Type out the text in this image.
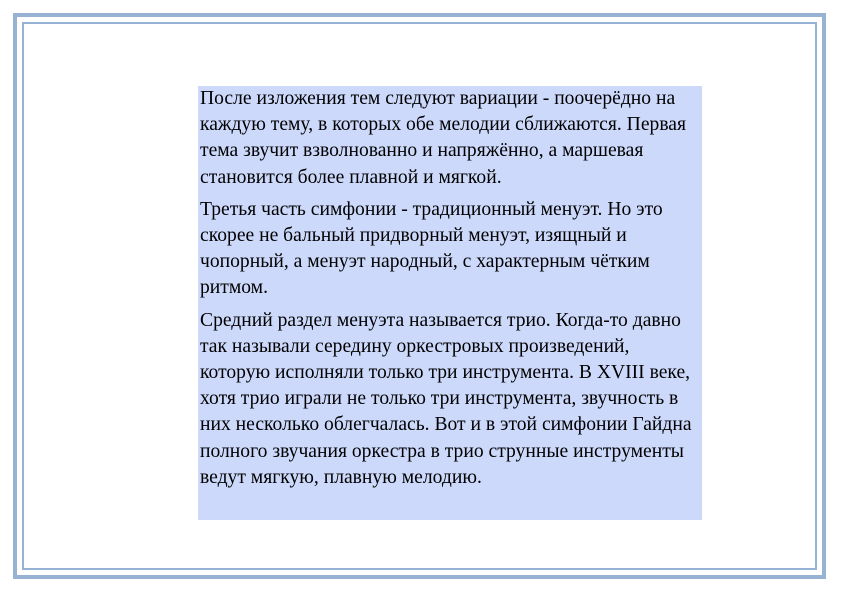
После изложения тем следуют вариации - поочерёдно на каждую тему, в которых обе мелодии сближаются. Первая тема звучит взволнованно и напряжённо, а маршевая становится более плавной и мягкой.

Третья часть симфонии - традиционный менуэт. Но это скорее не бальный придворный менуэт, изящный и чопорный, а менуэт народный, с характерным чётким ритмом.

Средний раздел менуэта называется трио. Когда-то давно так называли середину оркестровых произведений, которую исполняли только три инструмента. В XVIII веке, хотя трио играли не только три инструмента, звучность в них несколько облегчалась. Вот и в этой симфонии Гайдна полного звучания оркестра в трио струнные инструменты ведут мягкую, плавную мелодию.
